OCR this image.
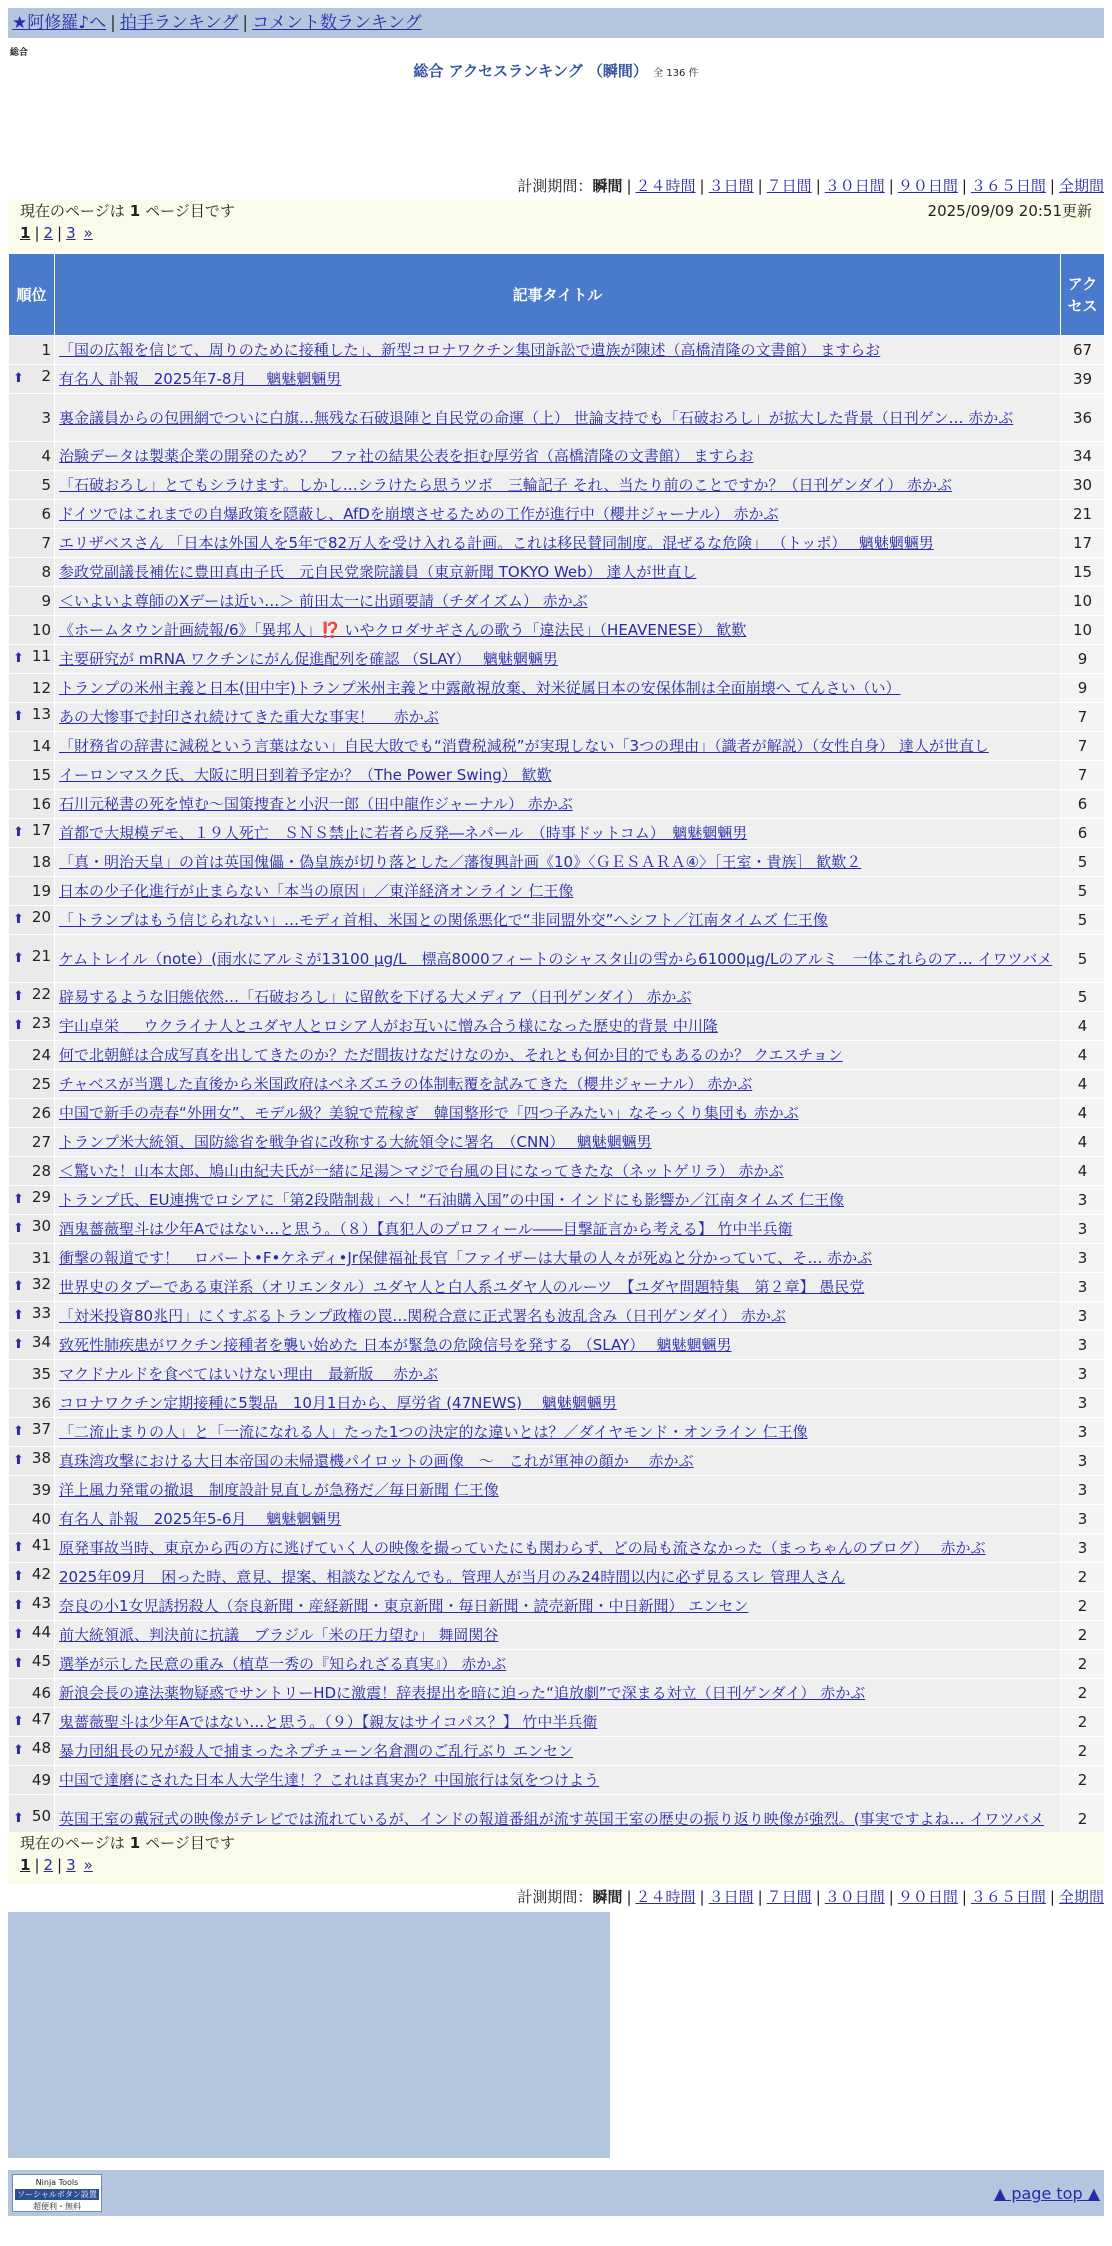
★阿修羅♪へ | 拍手ランキング | コメント数ランキング
総合
総合 アクセスランキング （瞬間） 全 136 件
計測期間：瞬間 | ２４時間 | ３日間 | ７日間 | ３０日間 | ９０日間 | ３６５日間 | 全期間
現在のページは 1 ページ目です	2025/09/09 20:51更新
1 | 2 | 3 »
順位	記事タイトル	アクセス
1	「国の広報を信じて、周りのために接種した」、新型コロナワクチン集団訴訟で遺族が陳述（高橋清隆の文書館） ますらお	67

⬆ 2	有名人 訃報　2025年7-8月　 魑魅魍魎男	39
3	裏金議員からの包囲網でついに白旗…無残な石破退陣と自民党の命運（上） 世論支持でも「石破おろし」が拡大した背景（日刊ゲン… 赤かぶ	36
4	治験データは製薬企業の開発のため？　ファ社の結果公表を拒む厚労省（高橋清隆の文書館） ますらお	34
5	「石破おろし」とてもシラけます。しかし…シラけたら思うツボ　三輪記子 それ、当たり前のことですか？（日刊ゲンダイ） 赤かぶ	30
6	ドイツではこれまでの自爆政策を隠蔽し、AfDを崩壊させるための工作が進行中（櫻井ジャーナル） 赤かぶ	21
7	エリザベスさん 「日本は外国人を5年で82万人を受け入れる計画。これは移民賛同制度。混ぜるな危険」 （トッポ）　 魑魅魍魎男	17
8	参政党副議長補佐に豊田真由子氏　元自民党衆院議員（東京新聞 TOKYO Web） 達人が世直し	15
9	＜いよいよ尊師のXデーは近い…＞ 前田太一に出頭要請（チダイズム） 赤かぶ	10
10	《ホームタウン計画続報/6》「異邦人」⁉️ いやクロダサギさんの歌う「違法民」（HEAVENESE） 歓歎	10

⬆ 11	主要研究が mRNA ワクチンにがん促進配列を確認 （SLAY）　 魑魅魍魎男	9
12	トランプの米州主義と日本(田中宇)トランプ米州主義と中露敵視放棄、対米従属日本の安保体制は全面崩壊へ てんさい（い）	9

⬆ 13	あの大惨事で封印され続けてきた重大な事実！　 赤かぶ	7
14	「財務省の辞書に減税という言葉はない」自民大敗でも“消費税減税”が実現しない「3つの理由」（識者が解説）（女性自身） 達人が世直し	7
15	イーロンマスク氏、大阪に明日到着予定か？（The Power Swing） 歓歎	7
16	石川元秘書の死を悼む〜国策捜査と小沢一郎（田中龍作ジャーナル） 赤かぶ	6

⬆ 17	首都で大規模デモ、１９人死亡　ＳＮＳ禁止に若者ら反発―ネパール　（時事ドットコム）　魑魅魍魎男	6
18	「真・明治天皇」の首は英国傀儡・偽皇族が切り落とした／藩復興計画《10》〈ＧＥＳＡＲＡ④〉［王室・貴族］ 歓歎２	5
19	日本の少子化進行が止まらない「本当の原因」／東洋経済オンライン 仁王像	5

⬆ 20	「トランプはもう信じられない」…モディ首相、米国との関係悪化で“非同盟外交”へシフト／江南タイムズ 仁王像	5

⬆ 21	ケムトレイル（note）(雨水にアルミが13100 μg/L　標高8000フィートのシャスタ山の雪から61000μg/Lのアルミ　一体これらのア… イワツバメ	5

⬆ 22	辟易するような旧態依然…「石破おろし」に留飲を下げる大メディア（日刊ゲンダイ） 赤かぶ	5

⬆ 23	宇山卓栄 ＿ ウクライナ人とユダヤ人とロシア人がお互いに憎み合う様になった歴史的背景 中川隆	4
24	何で北朝鮮は合成写真を出してきたのか？ただ間抜けなだけなのか、それとも何か目的でもあるのか？ クエスチョン	4
25	チャベスが当選した直後から米国政府はベネズエラの体制転覆を試みてきた（櫻井ジャーナル） 赤かぶ	4
26	中国で新手の売春“外囲女”、モデル級？美貌で荒稼ぎ　韓国整形で「四つ子みたい」なそっくり集団も 赤かぶ	4
27	トランプ米大統領、国防総省を戦争省に改称する大統領令に署名　（CNN）　 魑魅魍魎男	4
28	＜驚いた！山本太郎、鳩山由紀夫氏が一緒に足湯＞マジで台風の目になってきたな（ネットゲリラ） 赤かぶ	4

⬆ 29	トランプ氏、EU連携でロシアに「第2段階制裁」へ！“石油購入国”の中国・インドにも影響か／江南タイムズ 仁王像	3

⬆ 30	酒鬼薔薇聖斗は少年Aではない…と思う。（８）【真犯人のプロフィール――目撃証言から考える】 竹中半兵衛	3
31	衝撃の報道です！　ロバート•F•ケネディ•Jr保健福祉長官「ファイザーは大量の人々が死ぬと分かっていて、そ… 赤かぶ	3

⬆ 32	世界史のタブーである東洋系（オリエンタル）ユダヤ人と白人系ユダヤ人のルーツ　【ユダヤ問題特集　第２章】 愚民党	3

⬆ 33	「対米投資80兆円」にくすぶるトランプ政権の罠…関税合意に正式署名も波乱含み（日刊ゲンダイ） 赤かぶ	3

⬆ 34	致死性肺疾患がワクチン接種者を襲い始めた 日本が緊急の危険信号を発する （SLAY）　 魑魅魍魎男	3
35	マクドナルドを食べてはいけない理由　最新版　 赤かぶ	3
36	コロナワクチン定期接種に5製品　10月1日から、厚労省 (47NEWS)　 魑魅魍魎男	3

⬆ 37	「二流止まりの人」と「一流になれる人」たった1つの決定的な違いとは？／ダイヤモンド・オンライン 仁王像	3

⬆ 38	真珠湾攻撃における大日本帝国の未帰還機パイロットの画像　〜　これが軍神の顔か　 赤かぶ	3
39	洋上風力発電の撤退　制度設計見直しが急務だ／毎日新聞 仁王像	3
40	有名人 訃報　2025年5-6月　 魑魅魍魎男	3

⬆ 41	原発事故当時、東京から西の方に逃げていく人の映像を撮っていたにも関わらず、どの局も流さなかった（まっちゃんのブログ）　 赤かぶ	3

⬆ 42	2025年09月　困った時、意見、提案、相談などなんでも。管理人が当月のみ24時間以内に必ず見るスレ 管理人さん	2

⬆ 43	奈良の小1女児誘拐殺人（奈良新聞・産経新聞・東京新聞・毎日新聞・読売新聞・中日新聞） エンセン	2

⬆ 44	前大統領派、判決前に抗議　ブラジル「米の圧力望む」 舞岡関谷	2

⬆ 45	選挙が示した民意の重み（植草一秀の『知られざる真実』） 赤かぶ	2
46	新浪会長の違法薬物疑惑でサントリーHDに激震！辞表提出を暗に迫った“追放劇”で深まる対立（日刊ゲンダイ） 赤かぶ	2

⬆ 47	鬼薔薇聖斗は少年Aではない…と思う。（９）【親友はサイコパス？】 竹中半兵衛	2

⬆ 48	暴力団組長の兄が殺人で捕まったネプチューン名倉潤のご乱行ぶり エンセン	2
49	中国で達磨にされた日本人大学生達！？これは真実か？中国旅行は気をつけよう	2

⬆ 50	英国王室の戴冠式の映像がテレビでは流れているが、インドの報道番組が流す英国王室の歴史の振り返り映像が強烈。(事実ですよね… イワツバメ	2
現在のページは 1 ページ目です
1 | 2 | 3 »
計測期間：瞬間 | ２４時間 | ３日間 | ７日間 | ３０日間 | ９０日間 | ３６５日間 | 全期間
Ninja Tools
ソーシャルボタン設置
超便利・無料
▲ page top ▲
